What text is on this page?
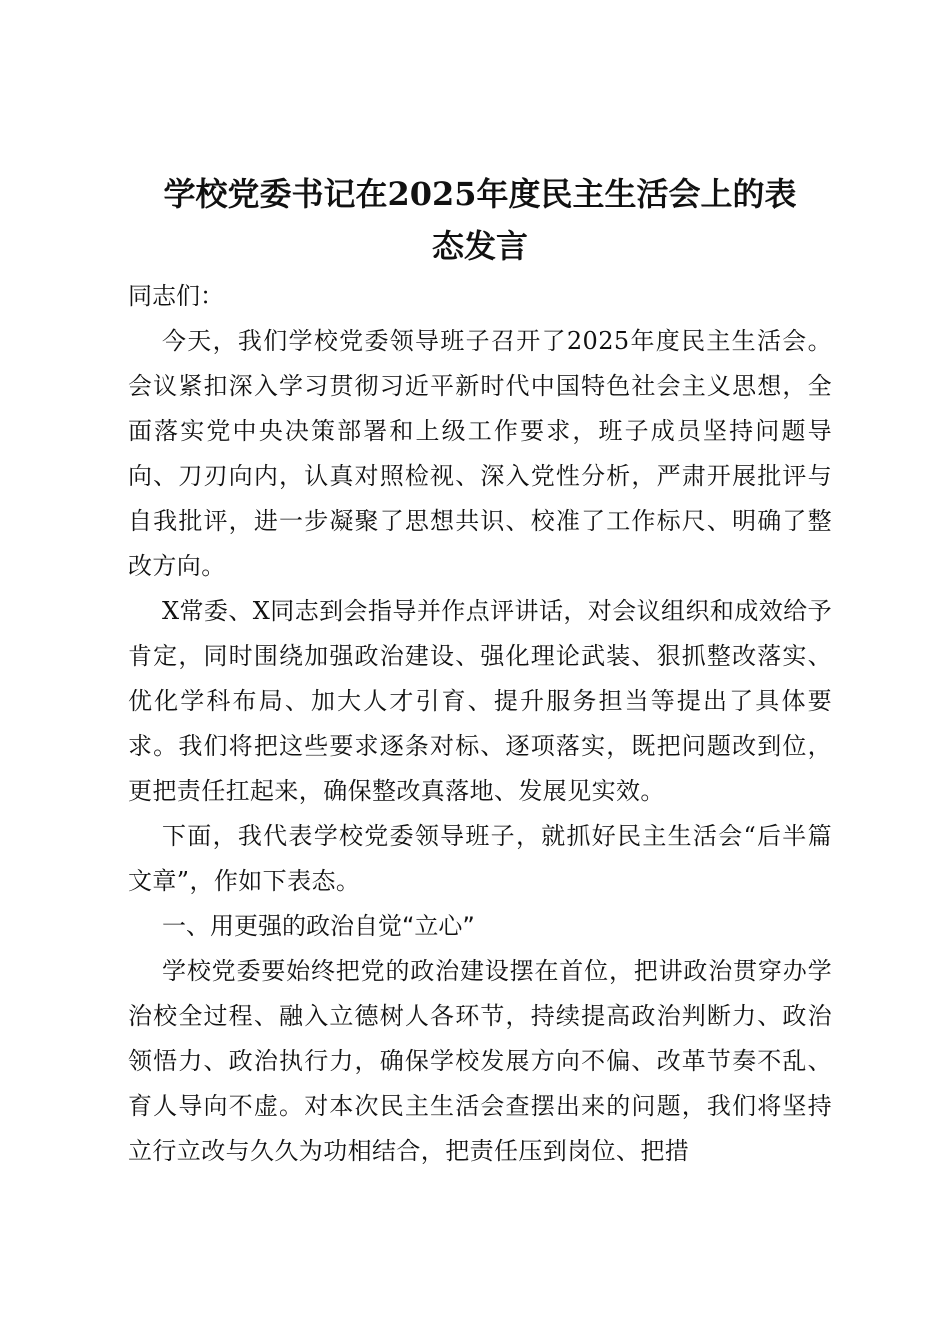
学校党委书记在2025年度民主生活会上的表
态发言

同志们：

今天，我们学校党委领导班子召开了2025年度民主生活会。会议紧扣深入学习贯彻习近平新时代中国特色社会主义思想，全面落实党中央决策部署和上级工作要求，班子成员坚持问题导向、刀刃向内，认真对照检视、深入党性分析，严肃开展批评与自我批评，进一步凝聚了思想共识、校准了工作标尺、明确了整改方向。

X常委、X同志到会指导并作点评讲话，对会议组织和成效给予肯定，同时围绕加强政治建设、强化理论武装、狠抓整改落实、优化学科布局、加大人才引育、提升服务担当等提出了具体要求。我们将把这些要求逐条对标、逐项落实，既把问题改到位，更把责任扛起来，确保整改真落地、发展见实效。

下面，我代表学校党委领导班子，就抓好民主生活会“后半篇文章”，作如下表态。

一、用更强的政治自觉“立心”

学校党委要始终把党的政治建设摆在首位，把讲政治贯穿办学治校全过程、融入立德树人各环节，持续提高政治判断力、政治领悟力、政治执行力，确保学校发展方向不偏、改革节奏不乱、育人导向不虚。对本次民主生活会查摆出来的问题，我们将坚持立行立改与久久为功相结合，把责任压到岗位、把措
